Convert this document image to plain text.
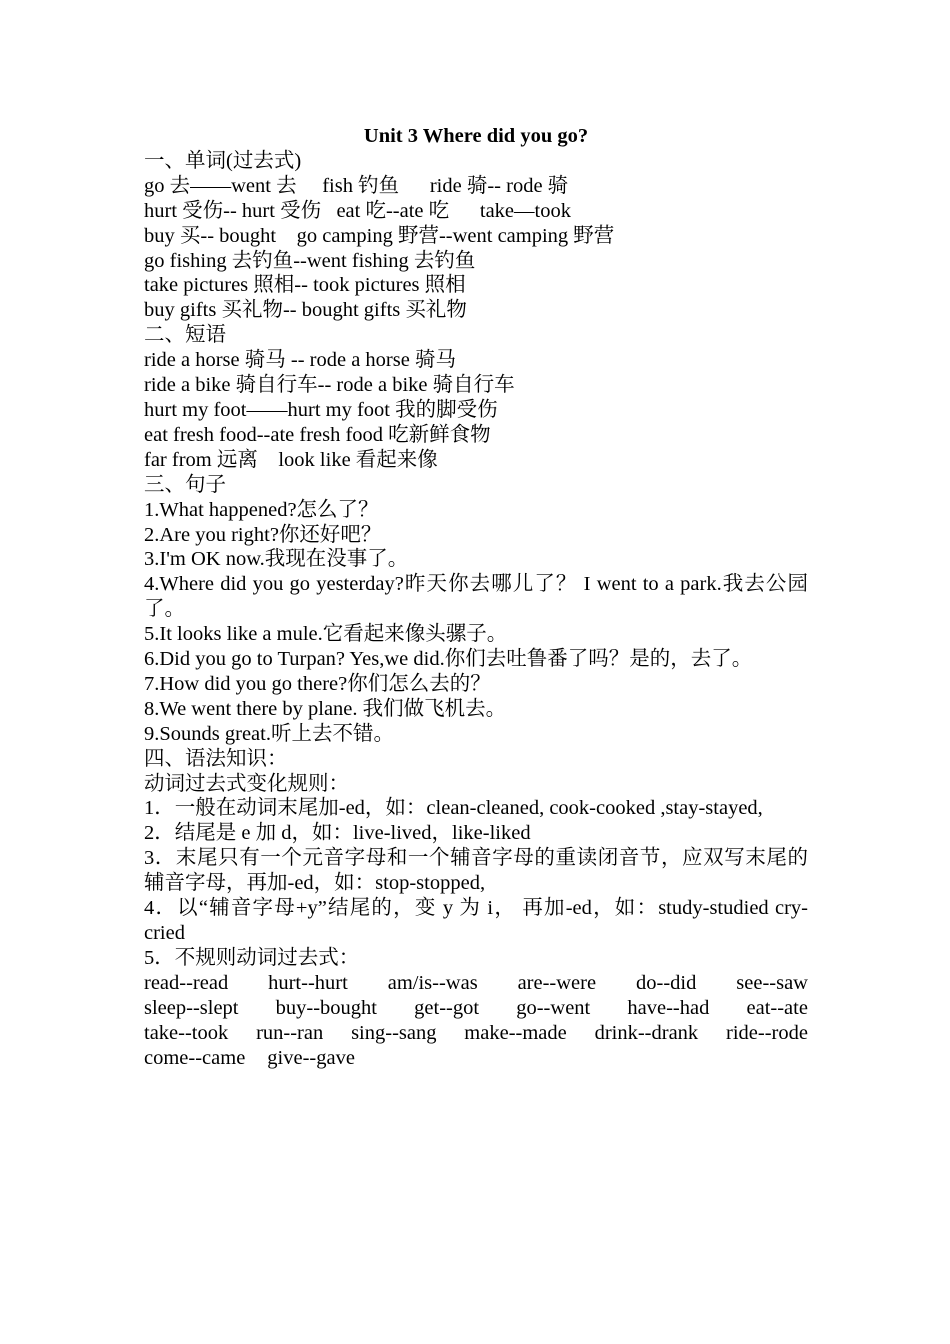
Unit 3 Where did you go?

一、单词(过去式)

go 去——went 去     fish 钓鱼      ride 骑-- rode 骑

hurt 受伤-- hurt 受伤   eat 吃--ate 吃      take—took

buy 买-- bought    go camping 野营--went camping 野营

go fishing 去钓鱼--went fishing 去钓鱼

take pictures 照相-- took pictures 照相

buy gifts 买礼物-- bought gifts 买礼物

二、短语

ride a horse 骑马 -- rode a horse 骑马

ride a bike 骑自行车-- rode a bike 骑自行车

hurt my foot——hurt my foot 我的脚受伤

eat fresh food--ate fresh food 吃新鲜食物

far from 远离    look like 看起来像

三、句子

1.What happened?怎么了？

2.Are you right?你还好吧？

3.I'm OK now.我现在没事了。

4.Where did you go yesterday?昨天你去哪儿了？ I went to a park.我去公园了。

5.It looks like a mule.它看起来像头骡子。

6.Did you go to Turpan? Yes,we did.你们去吐鲁番了吗？是的，去了。

7.How did you go there?你们怎么去的？

8.We went there by plane. 我们做飞机去。

9.Sounds great.听上去不错。

四、语法知识：

动词过去式变化规则：

1．一般在动词末尾加-ed，如：clean-cleaned, cook-cooked ,stay-stayed,

2．结尾是 e 加 d，如：live-lived，like-liked

3．末尾只有一个元音字母和一个辅音字母的重读闭音节，应双写末尾的辅音字母，再加-ed，如：stop-stopped,

4．以“辅音字母+y”结尾的，变 y 为 i， 再加-ed，如：study-studied cry-cried

5．不规则动词过去式：

read--read hurt--hurt am/is--was are--were do--did see--saw
sleep--slept buy--bought get--got go--went have--had eat--ate
take--took run--ran sing--sang make--made drink--drank ride--rode
come--came give--gave
